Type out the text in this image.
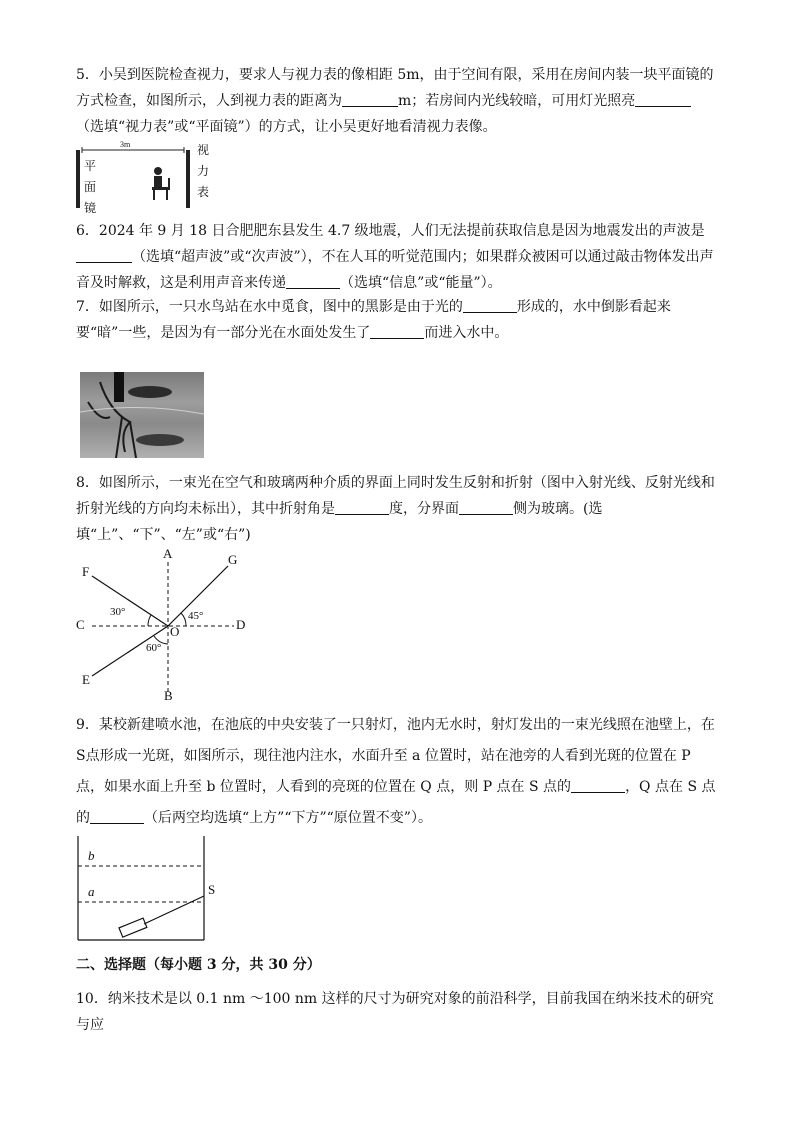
5．小吴到医院检查视力，要求人与视力表的像相距 5m，由于空间有限，采用在房间内装一块平面镜的方式检查，如图所示，人到视力表的距离为	m；若房间内光线较暗，可用灯光照亮（选填“视力表”或“平面镜”）的方式，让小吴更好地看清视力表像。

3m
平
面
镜
视
力
表

6．2024 年 9 月 18 日合肥肥东县发生 4.7 级地震，人们无法提前获取信息是因为地震发出的声波是（选填“超声波”或“次声波”），不在人耳的听觉范围内；如果群众被困可以通过敲击物体发出声音及时解救，这是利用声音来传递	（选填“信息”或“能量”）。

7．如图所示，一只水鸟站在水中觅食，图中的黑影是由于光的	形成的，水中倒影看起来要“暗”一些，是因为有一部分光在水面处发生了	而进入水中。

8．如图所示，一束光在空气和玻璃两种介质的界面上同时发生反射和折射（图中入射光线、反射光线和折射光线的方向均未标出），其中折射角是	度，分界面	侧为玻璃。(选填“上”、“下”、“左”或“右”)

A
B
C	D
E
F
G
O
30°	45°
60°

9．某校新建喷水池，在池底的中央安装了一只射灯，池内无水时，射灯发出的一束光线照在池壁上，在S点形成一光斑，如图所示，现往池内注水，水面升至 a 位置时，站在池旁的人看到光斑的位置在 P 点，如果水面上升至 b 位置时，人看到的亮斑的位置在 Q 点，则 P 点在 S 点的	，Q 点在 S 点的	（后两空均选填“上方”“下方”“原位置不变”）。

b
a	S
二、选择题（每小题 3 分，共 30 分）

10．纳米技术是以 0.1 nm ～100 nm 这样的尺寸为研究对象的前沿科学，目前我国在纳米技术的研究与应
